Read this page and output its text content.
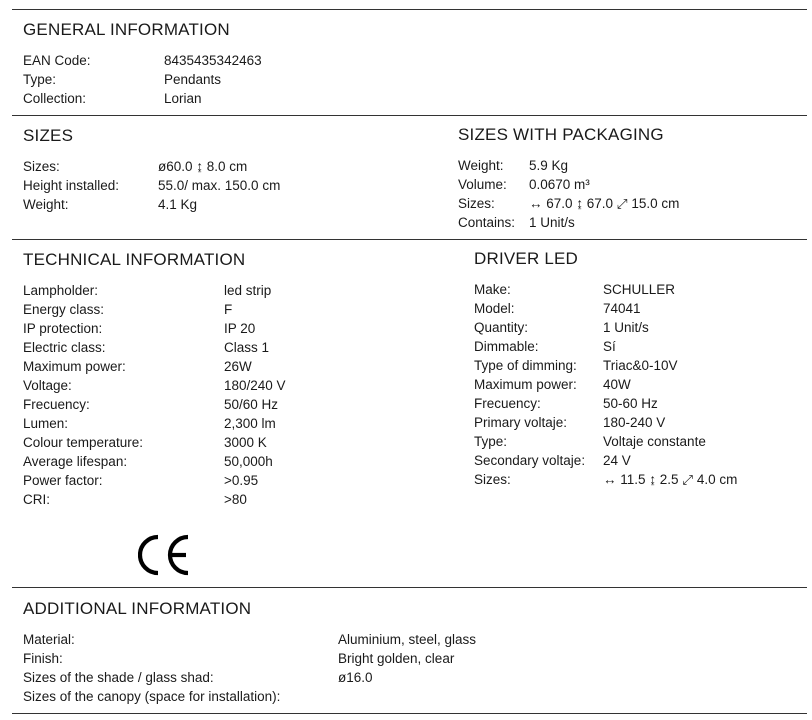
GENERAL INFORMATION
EAN Code:	8435435342463
Type:	Pendants
Collection:	Lorian
SIZES
Sizes:	ø60.0 ↨ 8.0 cm
Height installed:	55.0/ max. 150.0 cm
Weight:	4.1 Kg
SIZES WITH PACKAGING
Weight: 5.9 Kg
Volume: 0.0670 m³
Sizes:	↔ 67.0 ↨ 67.0 ⤢ 15.0 cm
Contains: 1 Unit/s
TECHNICAL INFORMATION
Lampholder:	led strip
Energy class:	F
IP protection:	IP 20
Electric class:	Class 1
Maximum power:	26W
Voltage:	180/240 V
Frecuency:	50/60 Hz
Lumen:	2,300 lm
Colour temperature:	3000 K
Average lifespan:	50,000h
Power factor:	>0.95
CRI:	>80
DRIVER LED
Make:	SCHULLER
Model:	74041
Quantity:	1 Unit/s
Dimmable:	Sí
Type of dimming: Triac&0-10V
Maximum power: 40W
Frecuency:	50-60 Hz
Primary voltaje:	180-240 V
Type:	Voltaje constante
Secondary voltaje: 24 V
Sizes:	↔ 11.5 ↨ 2.5 ⤢ 4.0 cm
ADDITIONAL INFORMATION
Material:	Aluminium, steel, glass
Finish:	Bright golden, clear
Sizes of the shade / glass shad:	ø16.0
Sizes of the canopy (space for installation):
